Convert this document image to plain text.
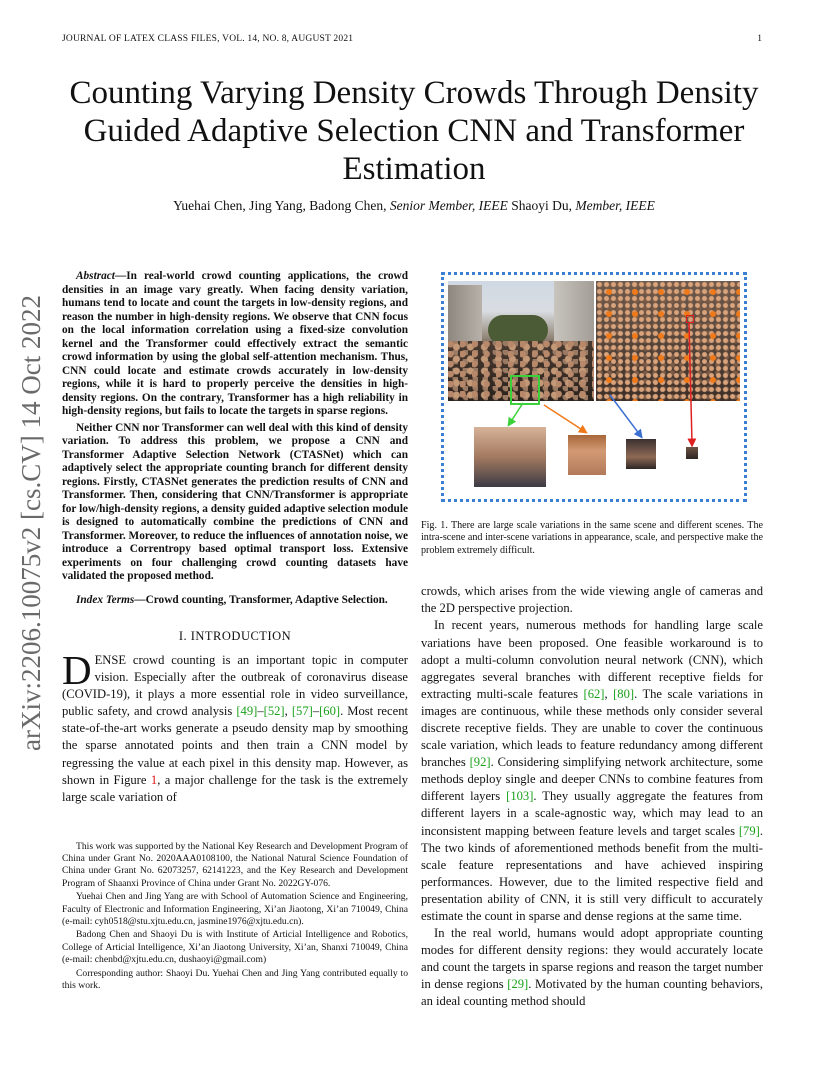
JOURNAL OF LATEX CLASS FILES, VOL. 14, NO. 8, AUGUST 2021	1
arXiv:2206.10075v2 [cs.CV] 14 Oct 2022
Counting Varying Density Crowds Through Density Guided Adaptive Selection CNN and Transformer Estimation
Yuehai Chen, Jing Yang, Badong Chen, Senior Member, IEEE Shaoyi Du, Member, IEEE

Abstract—In real-world crowd counting applications, the crowd densities in an image vary greatly. When facing density variation, humans tend to locate and count the targets in low-density regions, and reason the number in high-density regions. We observe that CNN focus on the local information correlation using a fixed-size convolution kernel and the Transformer could effectively extract the semantic crowd information by using the global self-attention mechanism. Thus, CNN could locate and estimate crowds accurately in low-density regions, while it is hard to properly perceive the densities in high-density regions. On the contrary, Transformer has a high reliability in high-density regions, but fails to locate the targets in sparse regions.

Neither CNN nor Transformer can well deal with this kind of density variation. To address this problem, we propose a CNN and Transformer Adaptive Selection Network (CTASNet) which can adaptively select the appropriate counting branch for different density regions. Firstly, CTASNet generates the prediction results of CNN and Transformer. Then, considering that CNN/Transformer is appropriate for low/high-density regions, a density guided adaptive selection module is designed to automatically combine the predictions of CNN and Transformer. Moreover, to reduce the influences of annotation noise, we introduce a Correntropy based optimal transport loss. Extensive experiments on four challenging crowd counting datasets have validated the proposed method.

Index Terms—Crowd counting, Transformer, Adaptive Selection.

I. INTRODUCTION

DENSE crowd counting is an important topic in computer vision. Especially after the outbreak of coronavirus disease (COVID-19), it plays a more essential role in video surveillance, public safety, and crowd analysis [49]–[52], [57]–[60]. Most recent state-of-the-art works generate a pseudo density map by smoothing the sparse annotated points and then train a CNN model by regressing the value at each pixel in this density map. However, as shown in Figure 1, a major challenge for the task is the extremely large scale variation of

This work was supported by the National Key Research and Development Program of China under Grant No. 2020AAA0108100, the National Natural Science Foundation of China under Grant No. 62073257, 62141223, and the Key Research and Development Program of Shaanxi Province of China under Grant No. 2022GY-076.

Yuehai Chen and Jing Yang are with School of Automation Science and Engineering, Faculty of Electronic and Information Engineering, Xi’an Jiaotong, Xi’an 710049, China (e-mail: cyh0518@stu.xjtu.edu.cn, jasmine1976@xjtu.edu.cn).

Badong Chen and Shaoyi Du is with Institute of Articial Intelligence and Robotics, College of Articial Intelligence, Xi’an Jiaotong University, Xi’an, Shanxi 710049, China (e-mail: chenbd@xjtu.edu.cn, dushaoyi@gmail.com)

Corresponding author: Shaoyi Du. Yuehai Chen and Jing Yang contributed equally to this work.

Fig. 1. There are large scale variations in the same scene and different scenes. The intra-scene and inter-scene variations in appearance, scale, and perspective make the problem extremely difficult.

crowds, which arises from the wide viewing angle of cameras and the 2D perspective projection.

In recent years, numerous methods for handling large scale variations have been proposed. One feasible workaround is to adopt a multi-column convolution neural network (CNN), which aggregates several branches with different receptive fields for extracting multi-scale features [62], [80]. The scale variations in images are continuous, while these methods only consider several discrete receptive fields. They are unable to cover the continuous scale variation, which leads to feature redundancy among different branches [92]. Considering simplifying network architecture, some methods deploy single and deeper CNNs to combine features from different layers [103]. They usually aggregate the features from different layers in a scale-agnostic way, which may lead to an inconsistent mapping between feature levels and target scales [79]. The two kinds of aforementioned methods benefit from the multi-scale feature representations and have achieved inspiring performances. However, due to the limited respective field and presentation ability of CNN, it is still very difficult to accurately estimate the count in sparse and dense regions at the same time.

In the real world, humans would adopt appropriate counting modes for different density regions: they would accurately locate and count the targets in sparse regions and reason the target number in dense regions [29]. Motivated by the human counting behaviors, an ideal counting method should
